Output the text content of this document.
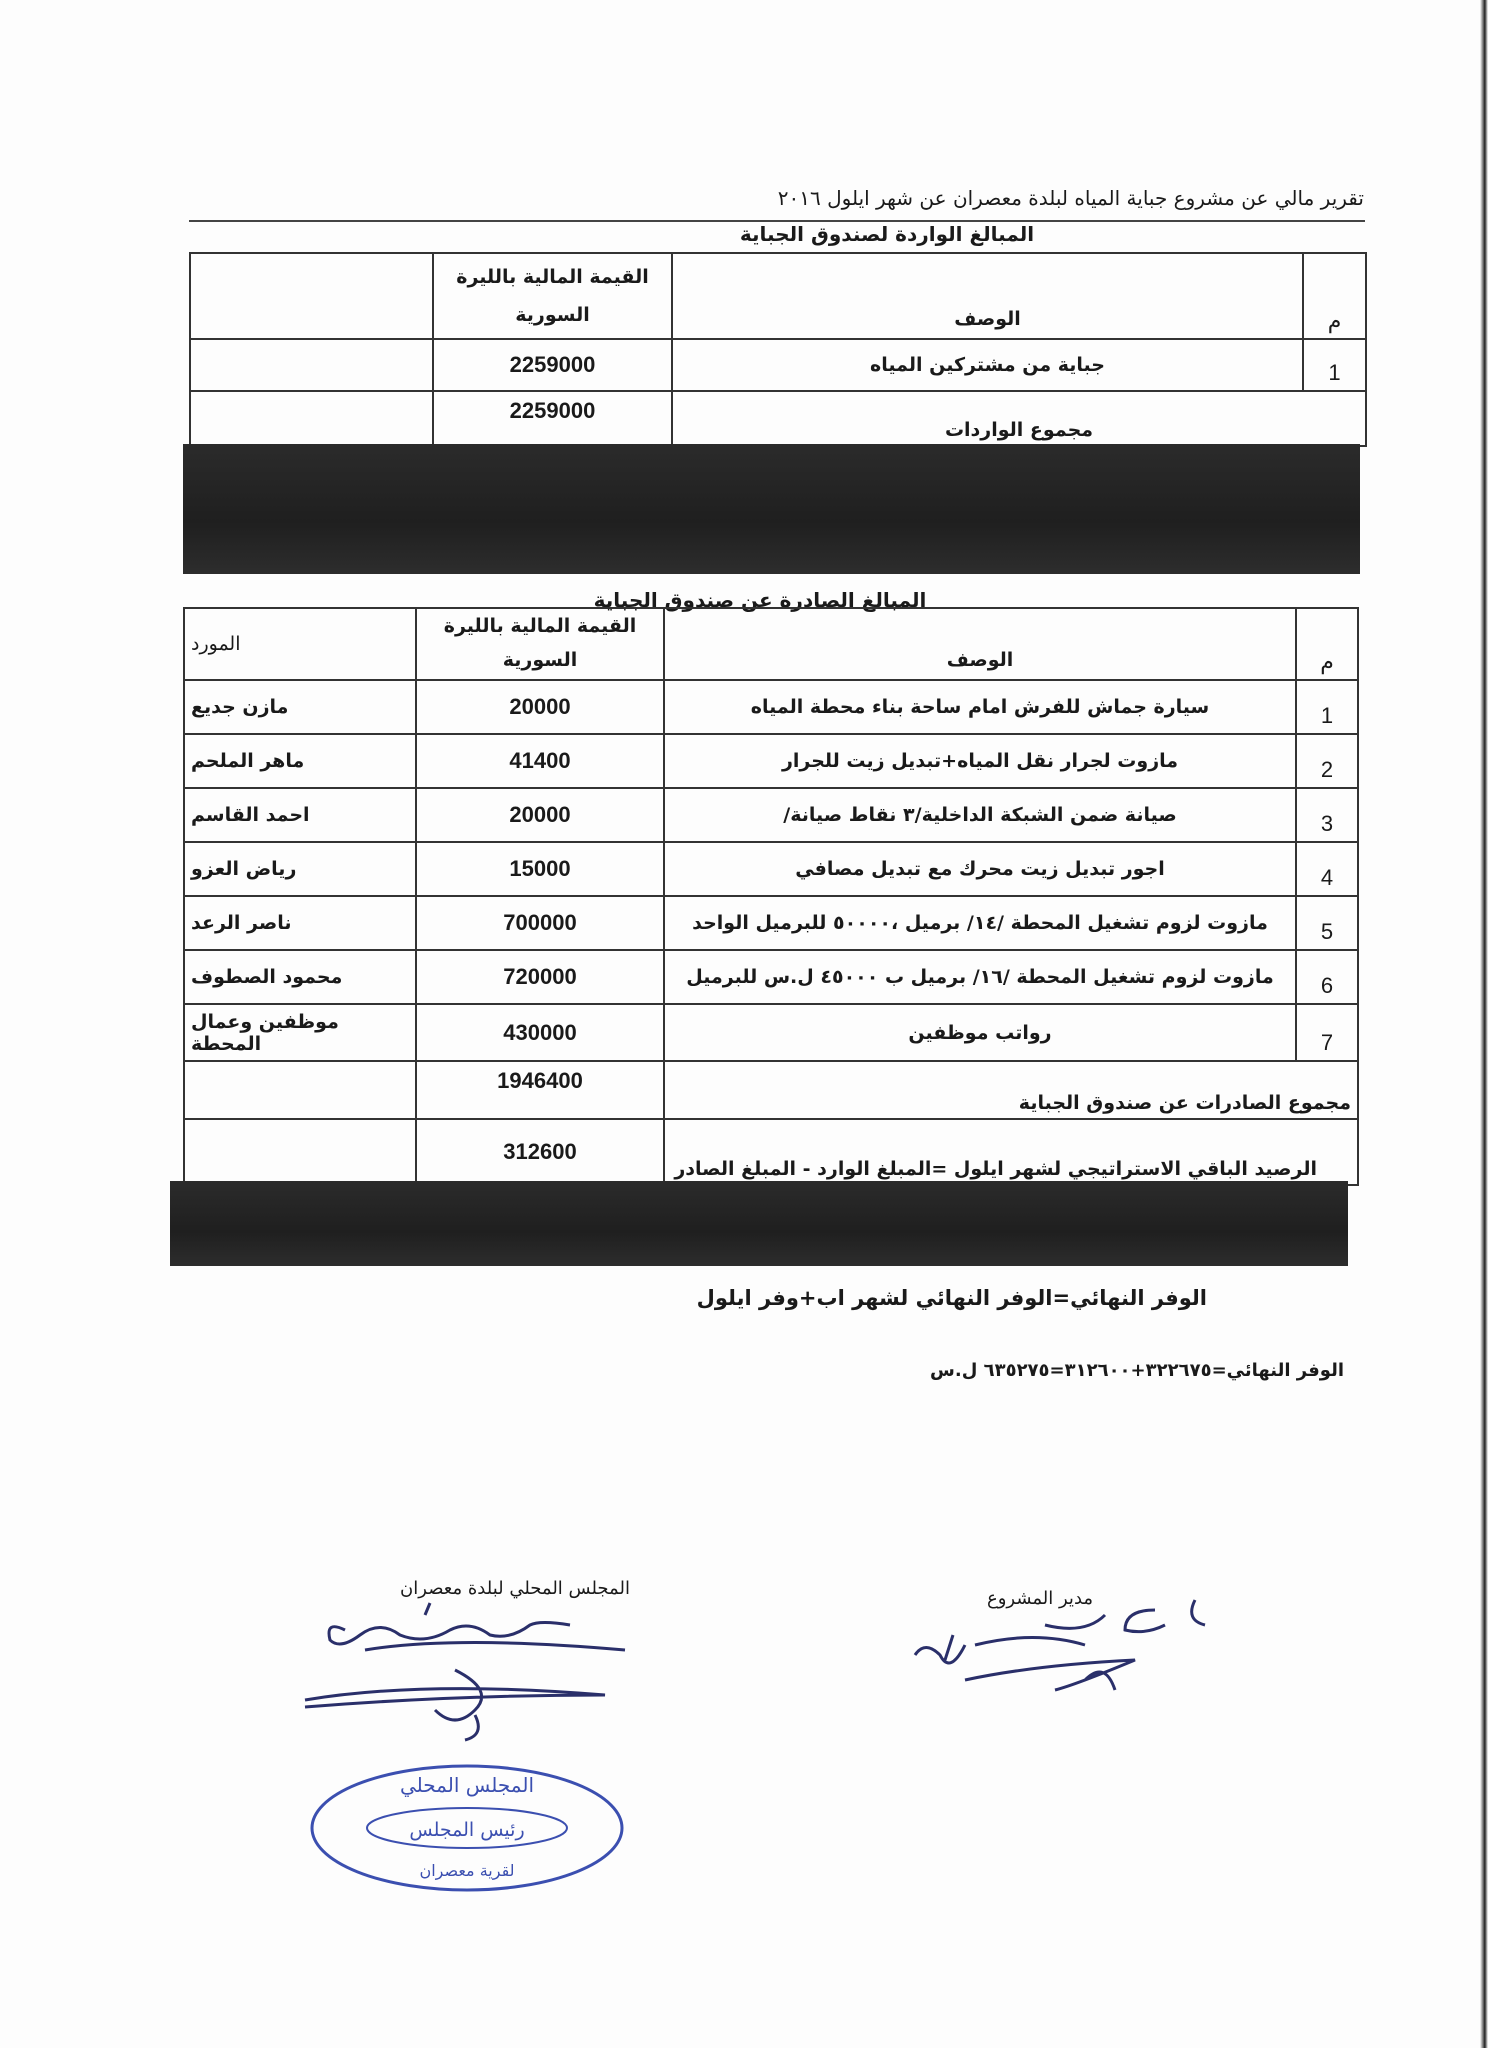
تقرير مالي عن مشروع جباية المياه لبلدة معصران عن شهر ايلول ٢٠١٦
المبالغ الواردة لصندوق الجباية
م	الوصف	القيمة المالية بالليرة السورية	
1	جباية من مشتركين المياه	2259000	
مجموع الواردات		2259000	
المبالغ الصادرة عن صندوق الجباية
م	الوصف	القيمة المالية بالليرة السورية	المورد
1	سيارة جماش للفرش امام ساحة بناء محطة المياه	20000	مازن جديع
2	مازوت لجرار نقل المياه+تبديل زيت للجرار	41400	ماهر الملحم
3	صيانة ضمن الشبكة الداخلية/٣ نقاط صيانة/	20000	احمد القاسم
4	اجور تبديل زيت محرك مع تبديل مصافي	15000	رياض العزو
5	مازوت لزوم تشغيل المحطة /١٤/ برميل ،٥٠٠٠٠ للبرميل الواحد	700000	ناصر الرعد
6	مازوت لزوم تشغيل المحطة /١٦/ برميل ب ٤٥٠٠٠ ل.س للبرميل	720000	محمود الصطوف
7	رواتب موظفين	430000	موظفين وعمال المحطة
مجموع الصادرات عن صندوق الجباية		1946400	
الرصيد الباقي الاستراتيجي لشهر ايلول =المبلغ الوارد - المبلغ الصادر		312600	
الوفر النهائي=الوفر النهائي لشهر اب+وفر ايلول
الوفر النهائي=٣٢٢٦٧٥+٣١٢٦٠٠=٦٣٥٢٧٥ ل.س
المجلس المحلي لبلدة معصران	مدير المشروع
المجلس المحلي
رئيس المجلس
لقرية معصران
